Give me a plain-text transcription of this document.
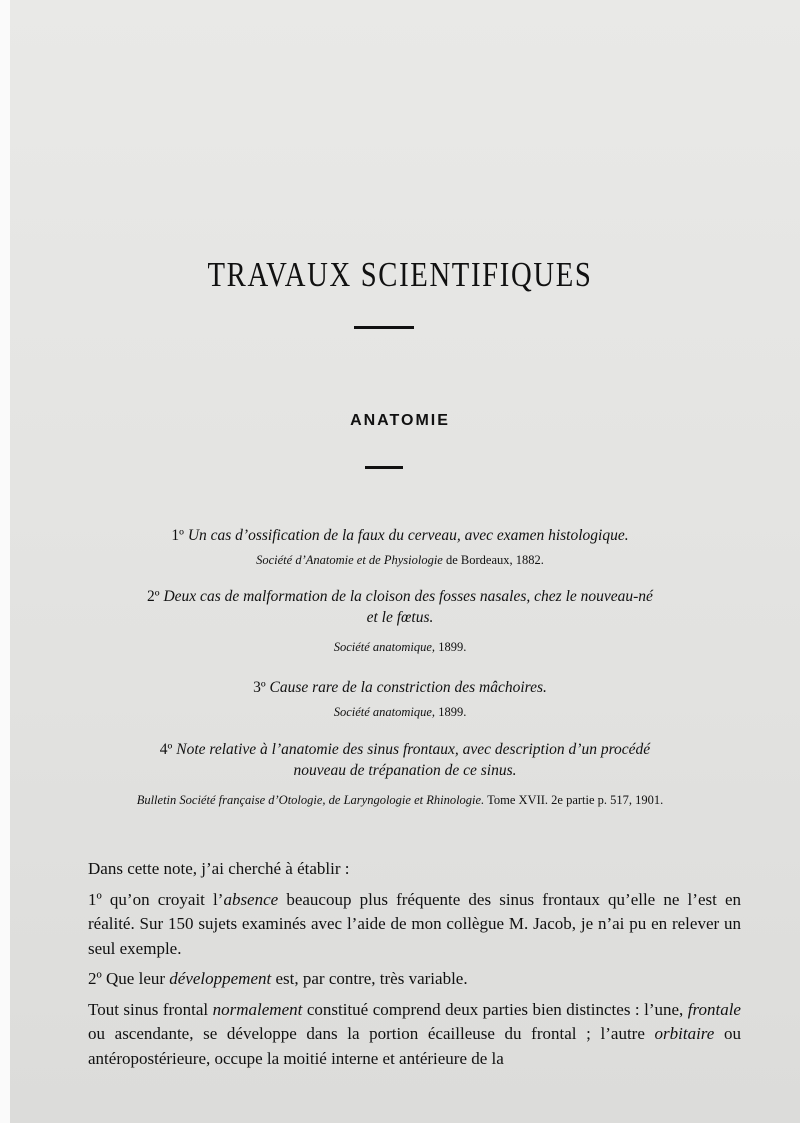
TRAVAUX SCIENTIFIQUES
ANATOMIE
1º Un cas d’ossification de la faux du cerveau, avec examen histologique.
Société d’Anatomie et de Physiologie de Bordeaux, 1882.
2º Deux cas de malformation de la cloison des fosses nasales, chez le nouveau-né
et le fœtus.
Société anatomique, 1899.
3º Cause rare de la constriction des mâchoires.
Société anatomique, 1899.
4º Note relative à l’anatomie des sinus frontaux, avec description d’un procédé
nouveau de trépanation de ce sinus.
Bulletin Société française d’Otologie, de Laryngologie et Rhinologie. Tome XVII. 2e partie p. 517, 1901.

Dans cette note, j’ai cherché à établir :

1º qu’on croyait l’absence beaucoup plus fréquente des sinus frontaux qu’elle ne l’est en réalité. Sur 150 sujets examinés avec l’aide de mon collègue M. Jacob, je n’ai pu en relever un seul exemple.

2º Que leur développement est, par contre, très variable.

Tout sinus frontal normalement constitué comprend deux parties bien distinctes : l’une, frontale ou ascendante, se développe dans la portion écailleuse du frontal ; l’autre orbitaire ou antéropostérieure, occupe la moitié interne et antérieure de la
